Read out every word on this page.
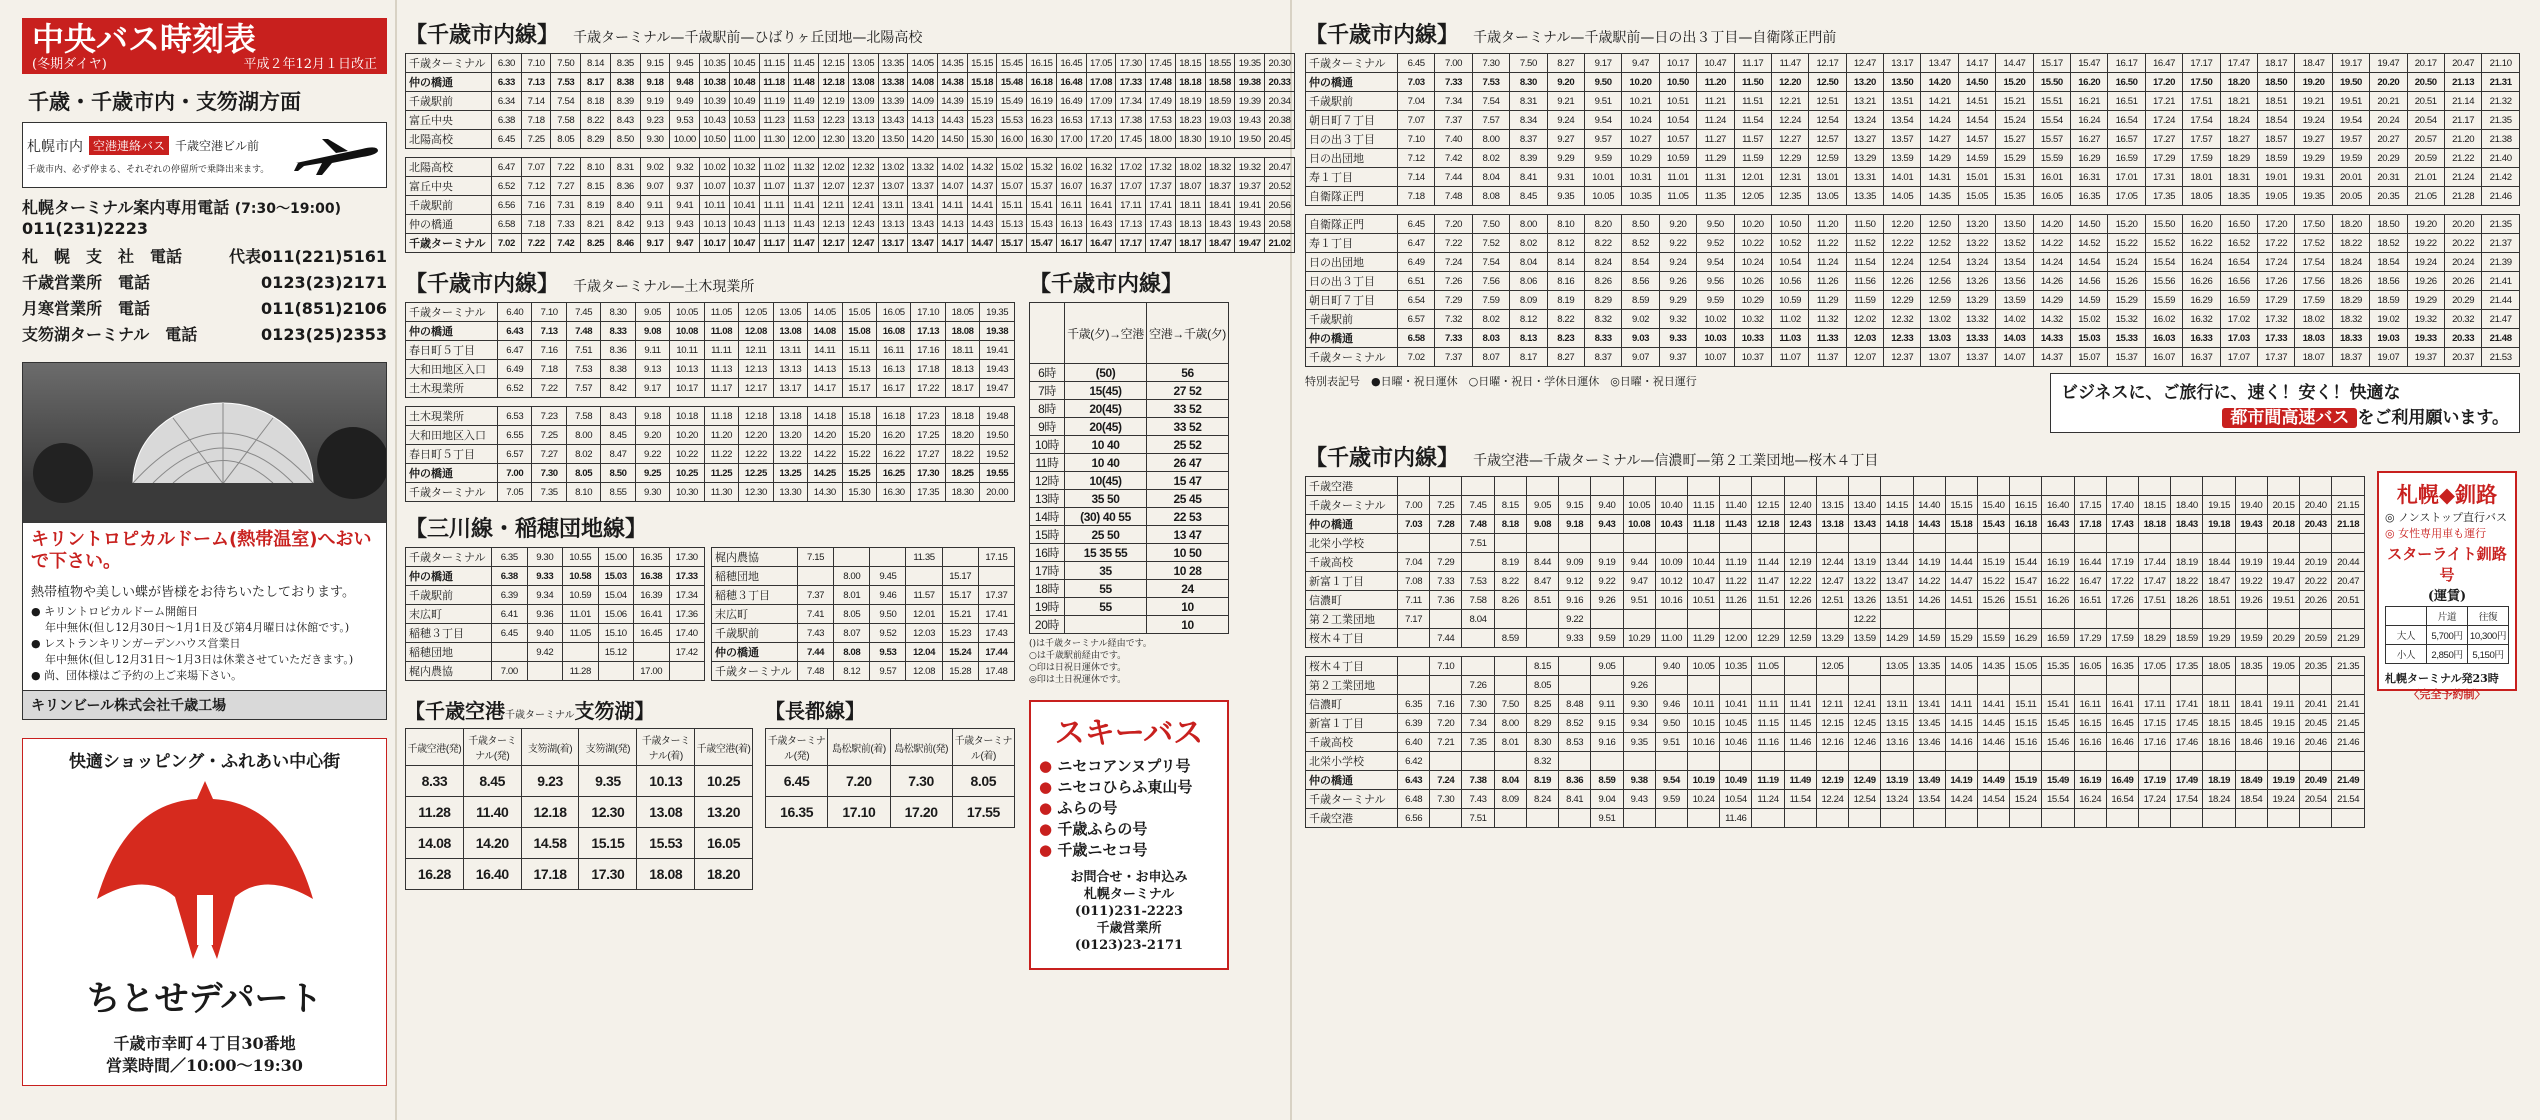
中央バス時刻表
(冬期ダイヤ)	平成２年12月１日改正
千歳・千歳市内・支笏湖方面
札幌市内 空港連絡バス 千歳空港ビル前
千歳市内、必ず停まる、それぞれの停留所で乗降出来ます。
札幌ターミナル案内専用電話 (7:30〜19:00) 011(231)2223
札　幌　支　社　電話	代表011(221)5161
千歳営業所　電話	0123(23)2171
月寒営業所　電話	011(851)2106
支笏湖ターミナル　電話	0123(25)2353
キリントロピカルドーム(熱帯温室)へおいで下さい。
熱帯植物や美しい蝶が皆様をお待ちいたしております。
● キリントロピカルドーム開館日
年中無休(但し12月30日〜1月1日及び第4月曜日は休館です。)
● レストランキリンガーデンハウス営業日
年中無休(但し12月31日〜1月3日は休業させていただきます。)
● 尚、団体様はご予約の上ご来場下さい。
キリンビール株式会社千歳工場
快適ショッピング・ふれあい中心街
ちとせデパート
千歳市幸町４丁目30番地
営業時間／10:00〜19:30
【千歳市内線】 千歳ターミナル—千歳駅前—ひばりヶ丘団地—北陽高校
千歳ターミナル	6.30	7.10	7.50	8.14	8.35	9.15	9.45	10.35	10.45	11.15	11.45	12.15	13.05	13.35	14.05	14.35	15.15	15.45	16.15	16.45	17.05	17.30	17.45	18.15	18.55	19.35	20.30
仲の橋通	6.33	7.13	7.53	8.17	8.38	9.18	9.48	10.38	10.48	11.18	11.48	12.18	13.08	13.38	14.08	14.38	15.18	15.48	16.18	16.48	17.08	17.33	17.48	18.18	18.58	19.38	20.33
千歳駅前	6.34	7.14	7.54	8.18	8.39	9.19	9.49	10.39	10.49	11.19	11.49	12.19	13.09	13.39	14.09	14.39	15.19	15.49	16.19	16.49	17.09	17.34	17.49	18.19	18.59	19.39	20.34
富丘中央	6.38	7.18	7.58	8.22	8.43	9.23	9.53	10.43	10.53	11.23	11.53	12.23	13.13	13.43	14.13	14.43	15.23	15.53	16.23	16.53	17.13	17.38	17.53	18.23	19.03	19.43	20.38
北陽高校	6.45	7.25	8.05	8.29	8.50	9.30	10.00	10.50	11.00	11.30	12.00	12.30	13.20	13.50	14.20	14.50	15.30	16.00	16.30	17.00	17.20	17.45	18.00	18.30	19.10	19.50	20.45
北陽高校	6.47	7.07	7.22	8.10	8.31	9.02	9.32	10.02	10.32	11.02	11.32	12.02	12.32	13.02	13.32	14.02	14.32	15.02	15.32	16.02	16.32	17.02	17.32	18.02	18.32	19.32	20.47
富丘中央	6.52	7.12	7.27	8.15	8.36	9.07	9.37	10.07	10.37	11.07	11.37	12.07	12.37	13.07	13.37	14.07	14.37	15.07	15.37	16.07	16.37	17.07	17.37	18.07	18.37	19.37	20.52
千歳駅前	6.56	7.16	7.31	8.19	8.40	9.11	9.41	10.11	10.41	11.11	11.41	12.11	12.41	13.11	13.41	14.11	14.41	15.11	15.41	16.11	16.41	17.11	17.41	18.11	18.41	19.41	20.56
仲の橋通	6.58	7.18	7.33	8.21	8.42	9.13	9.43	10.13	10.43	11.13	11.43	12.13	12.43	13.13	13.43	14.13	14.43	15.13	15.43	16.13	16.43	17.13	17.43	18.13	18.43	19.43	20.58
千歳ターミナル	7.02	7.22	7.42	8.25	8.46	9.17	9.47	10.17	10.47	11.17	11.47	12.17	12.47	13.17	13.47	14.17	14.47	15.17	15.47	16.17	16.47	17.17	17.47	18.17	18.47	19.47	21.02
【千歳市内線】 千歳ターミナル—土木現業所
千歳ターミナル	6.40	7.10	7.45	8.30	9.05	10.05	11.05	12.05	13.05	14.05	15.05	16.05	17.10	18.05	19.35
仲の橋通	6.43	7.13	7.48	8.33	9.08	10.08	11.08	12.08	13.08	14.08	15.08	16.08	17.13	18.08	19.38
春日町５丁目	6.47	7.16	7.51	8.36	9.11	10.11	11.11	12.11	13.11	14.11	15.11	16.11	17.16	18.11	19.41
大和田地区入口	6.49	7.18	7.53	8.38	9.13	10.13	11.13	12.13	13.13	14.13	15.13	16.13	17.18	18.13	19.43
土木現業所	6.52	7.22	7.57	8.42	9.17	10.17	11.17	12.17	13.17	14.17	15.17	16.17	17.22	18.17	19.47
土木現業所	6.53	7.23	7.58	8.43	9.18	10.18	11.18	12.18	13.18	14.18	15.18	16.18	17.23	18.18	19.48
大和田地区入口	6.55	7.25	8.00	8.45	9.20	10.20	11.20	12.20	13.20	14.20	15.20	16.20	17.25	18.20	19.50
春日町５丁目	6.57	7.27	8.02	8.47	9.22	10.22	11.22	12.22	13.22	14.22	15.22	16.22	17.27	18.22	19.52
仲の橋通	7.00	7.30	8.05	8.50	9.25	10.25	11.25	12.25	13.25	14.25	15.25	16.25	17.30	18.25	19.55
千歳ターミナル	7.05	7.35	8.10	8.55	9.30	10.30	11.30	12.30	13.30	14.30	15.30	16.30	17.35	18.30	20.00
【三川線・稲穂団地線】
千歳ターミナル	6.35	9.30	10.55	15.00	16.35	17.30
仲の橋通	6.38	9.33	10.58	15.03	16.38	17.33
千歳駅前	6.39	9.34	10.59	15.04	16.39	17.34
末広町	6.41	9.36	11.01	15.06	16.41	17.36
稲穂３丁目	6.45	9.40	11.05	15.10	16.45	17.40
稲穂団地		9.42		15.12		17.42
梶内農協	7.00		11.28		17.00	
梶内農協	7.15			11.35		17.15
稲穂団地		8.00	9.45		15.17	
稲穂３丁目	7.37	8.01	9.46	11.57	15.17	17.37
末広町	7.41	8.05	9.50	12.01	15.21	17.41
千歳駅前	7.43	8.07	9.52	12.03	15.23	17.43
仲の橋通	7.44	8.08	9.53	12.04	15.24	17.44
千歳ターミナル	7.48	8.12	9.57	12.08	15.28	17.48
【千歳空港千歳ターミナル支笏湖】
千歳空港(発)	千歳ターミナル(発)	支笏湖(着)	支笏湖(発)	千歳ターミナル(着)	千歳空港(着)
8.33	8.45	9.23	9.35	10.13	10.25
11.28	11.40	12.18	12.30	13.08	13.20
14.08	14.20	14.58	15.15	15.53	16.05
16.28	16.40	17.18	17.30	18.08	18.20
【長都線】
千歳ターミナル(発)	島松駅前(着)	島松駅前(発)	千歳ターミナル(着)
6.45	7.20	7.30	8.05
16.35	17.10	17.20	17.55
【千歳市内線】
	千歳(夕)→空港	空港→千歳(夕)
6時	(50)	56
7時	15(45)	27 52
8時	20(45)	33 52
9時	20(45)	33 52
10時	10 40	25 52
11時	10 40	26 47
12時	10(45)	15 47
13時	35 50	25 45
14時	(30) 40 55	22 53
15時	25 50	13 47
16時	15 35 55	10 50
17時	35	10 28
18時	55	24
19時	55	10
20時		10
()は千歳ターミナル経由です。
○は千歳駅前経由です。
○印は日祝日運休です。
◎印は土日祝運休です。
スキーバス
● ニセコアンヌプリ号
● ニセコひらふ東山号
● ふらの号
● 千歳ふらの号
● 千歳ニセコ号
お問合せ・お申込み
札幌ターミナル
(011)231-2223
千歳営業所
(0123)23-2171
【千歳市内線】 千歳ターミナル—千歳駅前—日の出３丁目—自衛隊正門前
千歳ターミナル	6.45	7.00	7.30	7.50	8.27	9.17	9.47	10.17	10.47	11.17	11.47	12.17	12.47	13.17	13.47	14.17	14.47	15.17	15.47	16.17	16.47	17.17	17.47	18.17	18.47	19.17	19.47	20.17	20.47	21.10
仲の橋通	7.03	7.33	7.53	8.30	9.20	9.50	10.20	10.50	11.20	11.50	12.20	12.50	13.20	13.50	14.20	14.50	15.20	15.50	16.20	16.50	17.20	17.50	18.20	18.50	19.20	19.50	20.20	20.50	21.13	21.31
千歳駅前	7.04	7.34	7.54	8.31	9.21	9.51	10.21	10.51	11.21	11.51	12.21	12.51	13.21	13.51	14.21	14.51	15.21	15.51	16.21	16.51	17.21	17.51	18.21	18.51	19.21	19.51	20.21	20.51	21.14	21.32
朝日町７丁目	7.07	7.37	7.57	8.34	9.24	9.54	10.24	10.54	11.24	11.54	12.24	12.54	13.24	13.54	14.24	14.54	15.24	15.54	16.24	16.54	17.24	17.54	18.24	18.54	19.24	19.54	20.24	20.54	21.17	21.35
日の出３丁目	7.10	7.40	8.00	8.37	9.27	9.57	10.27	10.57	11.27	11.57	12.27	12.57	13.27	13.57	14.27	14.57	15.27	15.57	16.27	16.57	17.27	17.57	18.27	18.57	19.27	19.57	20.27	20.57	21.20	21.38
日の出団地	7.12	7.42	8.02	8.39	9.29	9.59	10.29	10.59	11.29	11.59	12.29	12.59	13.29	13.59	14.29	14.59	15.29	15.59	16.29	16.59	17.29	17.59	18.29	18.59	19.29	19.59	20.29	20.59	21.22	21.40
寿１丁目	7.14	7.44	8.04	8.41	9.31	10.01	10.31	11.01	11.31	12.01	12.31	13.01	13.31	14.01	14.31	15.01	15.31	16.01	16.31	17.01	17.31	18.01	18.31	19.01	19.31	20.01	20.31	21.01	21.24	21.42
自衛隊正門	7.18	7.48	8.08	8.45	9.35	10.05	10.35	11.05	11.35	12.05	12.35	13.05	13.35	14.05	14.35	15.05	15.35	16.05	16.35	17.05	17.35	18.05	18.35	19.05	19.35	20.05	20.35	21.05	21.28	21.46
自衛隊正門	6.45	7.20	7.50	8.00	8.10	8.20	8.50	9.20	9.50	10.20	10.50	11.20	11.50	12.20	12.50	13.20	13.50	14.20	14.50	15.20	15.50	16.20	16.50	17.20	17.50	18.20	18.50	19.20	20.20	21.35
寿１丁目	6.47	7.22	7.52	8.02	8.12	8.22	8.52	9.22	9.52	10.22	10.52	11.22	11.52	12.22	12.52	13.22	13.52	14.22	14.52	15.22	15.52	16.22	16.52	17.22	17.52	18.22	18.52	19.22	20.22	21.37
日の出団地	6.49	7.24	7.54	8.04	8.14	8.24	8.54	9.24	9.54	10.24	10.54	11.24	11.54	12.24	12.54	13.24	13.54	14.24	14.54	15.24	15.54	16.24	16.54	17.24	17.54	18.24	18.54	19.24	20.24	21.39
日の出３丁目	6.51	7.26	7.56	8.06	8.16	8.26	8.56	9.26	9.56	10.26	10.56	11.26	11.56	12.26	12.56	13.26	13.56	14.26	14.56	15.26	15.56	16.26	16.56	17.26	17.56	18.26	18.56	19.26	20.26	21.41
朝日町７丁目	6.54	7.29	7.59	8.09	8.19	8.29	8.59	9.29	9.59	10.29	10.59	11.29	11.59	12.29	12.59	13.29	13.59	14.29	14.59	15.29	15.59	16.29	16.59	17.29	17.59	18.29	18.59	19.29	20.29	21.44
千歳駅前	6.57	7.32	8.02	8.12	8.22	8.32	9.02	9.32	10.02	10.32	11.02	11.32	12.02	12.32	13.02	13.32	14.02	14.32	15.02	15.32	16.02	16.32	17.02	17.32	18.02	18.32	19.02	19.32	20.32	21.47
仲の橋通	6.58	7.33	8.03	8.13	8.23	8.33	9.03	9.33	10.03	10.33	11.03	11.33	12.03	12.33	13.03	13.33	14.03	14.33	15.03	15.33	16.03	16.33	17.03	17.33	18.03	18.33	19.03	19.33	20.33	21.48
千歳ターミナル	7.02	7.37	8.07	8.17	8.27	8.37	9.07	9.37	10.07	10.37	11.07	11.37	12.07	12.37	13.07	13.37	14.07	14.37	15.07	15.37	16.07	16.37	17.07	17.37	18.07	18.37	19.07	19.37	20.37	21.53
特別表記号　●日曜・祝日運休　○日曜・祝日・学休日運休　◎日曜・祝日運行
ビジネスに、ご旅行に、速く！安く！快適な
都市間高速バス をご利用願います。
【千歳市内線】 千歳空港—千歳ターミナル—信濃町—第２工業団地—桜木４丁目
千歳空港																														
千歳ターミナル	7.00	7.25	7.45	8.15	9.05	9.15	9.40	10.05	10.40	11.15	11.40	12.15	12.40	13.15	13.40	14.15	14.40	15.15	15.40	16.15	16.40	17.15	17.40	18.15	18.40	19.15	19.40	20.15	20.40	21.15
仲の橋通	7.03	7.28	7.48	8.18	9.08	9.18	9.43	10.08	10.43	11.18	11.43	12.18	12.43	13.18	13.43	14.18	14.43	15.18	15.43	16.18	16.43	17.18	17.43	18.18	18.43	19.18	19.43	20.18	20.43	21.18
北栄小学校			7.51																											
千歳高校	7.04	7.29		8.19	8.44	9.09	9.19	9.44	10.09	10.44	11.19	11.44	12.19	12.44	13.19	13.44	14.19	14.44	15.19	15.44	16.19	16.44	17.19	17.44	18.19	18.44	19.19	19.44	20.19	20.44
新富１丁目	7.08	7.33	7.53	8.22	8.47	9.12	9.22	9.47	10.12	10.47	11.22	11.47	12.22	12.47	13.22	13.47	14.22	14.47	15.22	15.47	16.22	16.47	17.22	17.47	18.22	18.47	19.22	19.47	20.22	20.47
信濃町	7.11	7.36	7.58	8.26	8.51	9.16	9.26	9.51	10.16	10.51	11.26	11.51	12.26	12.51	13.26	13.51	14.26	14.51	15.26	15.51	16.26	16.51	17.26	17.51	18.26	18.51	19.26	19.51	20.26	20.51
第２工業団地	7.17		8.04			9.22									12.22															
桜木４丁目		7.44		8.59		9.33	9.59	10.29	11.00	11.29	12.00	12.29	12.59	13.29	13.59	14.29	14.59	15.29	15.59	16.29	16.59	17.29	17.59	18.29	18.59	19.29	19.59	20.29	20.59	21.29
桜木４丁目		7.10			8.15		9.05		9.40	10.05	10.35	11.05		12.05		13.05	13.35	14.05	14.35	15.05	15.35	16.05	16.35	17.05	17.35	18.05	18.35	19.05	20.35	21.35
第２工業団地			7.26		8.05			9.26																						
信濃町	6.35	7.16	7.30	7.50	8.25	8.48	9.11	9.30	9.46	10.11	10.41	11.11	11.41	12.11	12.41	13.11	13.41	14.11	14.41	15.11	15.41	16.11	16.41	17.11	17.41	18.11	18.41	19.11	20.41	21.41
新富１丁目	6.39	7.20	7.34	8.00	8.29	8.52	9.15	9.34	9.50	10.15	10.45	11.15	11.45	12.15	12.45	13.15	13.45	14.15	14.45	15.15	15.45	16.15	16.45	17.15	17.45	18.15	18.45	19.15	20.45	21.45
千歳高校	6.40	7.21	7.35	8.01	8.30	8.53	9.16	9.35	9.51	10.16	10.46	11.16	11.46	12.16	12.46	13.16	13.46	14.16	14.46	15.16	15.46	16.16	16.46	17.16	17.46	18.16	18.46	19.16	20.46	21.46
北栄小学校	6.42				8.32																									
仲の橋通	6.43	7.24	7.38	8.04	8.19	8.36	8.59	9.38	9.54	10.19	10.49	11.19	11.49	12.19	12.49	13.19	13.49	14.19	14.49	15.19	15.49	16.19	16.49	17.19	17.49	18.19	18.49	19.19	20.49	21.49
千歳ターミナル	6.48	7.30	7.43	8.09	8.24	8.41	9.04	9.43	9.59	10.24	10.54	11.24	11.54	12.24	12.54	13.24	13.54	14.24	14.54	15.24	15.54	16.24	16.54	17.24	17.54	18.24	18.54	19.24	20.54	21.54
千歳空港	6.56		7.51				9.51				11.46																			
札幌◆釧路
◎ ノンストップ直行バス
◎ 女性専用車も運行
スターライト釧路号
(運賃)
	片道	往復
大人	5,700円	10,300円
小人	2,850円	5,150円
札幌ターミナル発23時
〈完全予約制〉
